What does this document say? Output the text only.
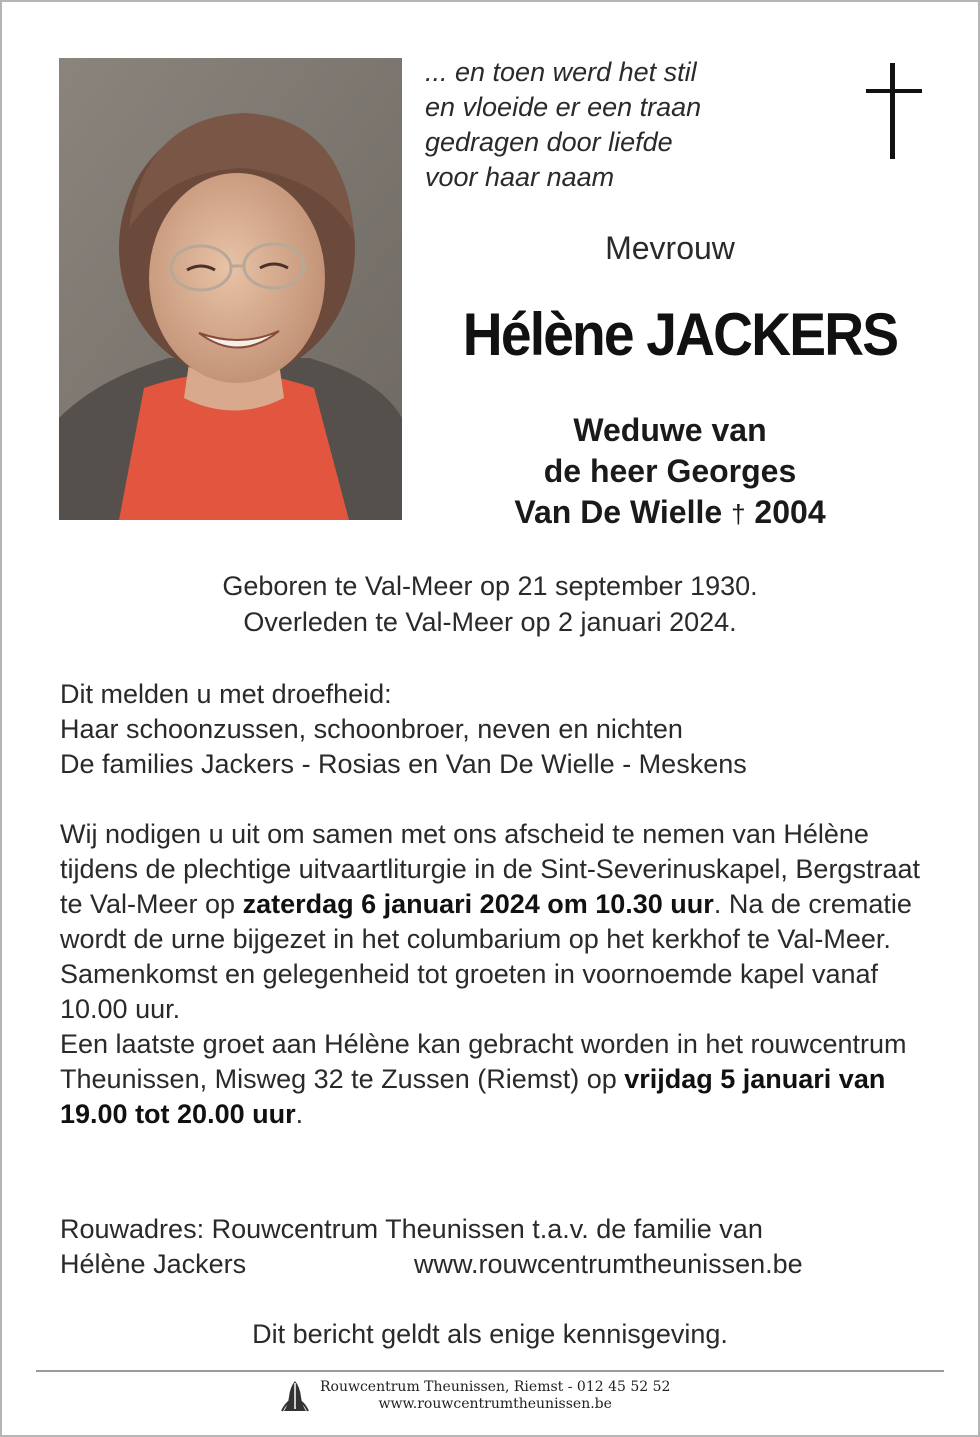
... en toen werd het stil
en vloeide er een traan
gedragen door liefde
voor haar naam
Mevrouw
Hélène JACKERS
Weduwe van
de heer Georges
Van De Wielle † 2004
Geboren te Val-Meer op 21 september 1930.
Overleden te Val-Meer op 2 januari 2024.

Dit melden u met droefheid:

Haar schoonzussen, schoonbroer, neven en nichten

De families Jackers - Rosias en Van De Wielle - Meskens

Wij nodigen u uit om samen met ons afscheid te nemen van Hélène tijdens de plechtige uitvaartliturgie in de Sint-Severinuskapel, Bergstraat te Val-Meer op zaterdag 6 januari 2024 om 10.30 uur. Na de crematie wordt de urne bijgezet in het columbarium op het kerkhof te Val-Meer. Samenkomst en gelegenheid tot groeten in voornoemde kapel vanaf 10.00 uur.

Een laatste groet aan Hélène kan gebracht worden in het rouwcentrum Theunissen, Misweg 32 te Zussen (Riemst) op vrijdag 5 januari van 19.00 tot 20.00 uur.

Rouwadres: Rouwcentrum Theunissen t.a.v. de familie van

Hélène Jackers	www.rouwcentrumtheunissen.be
Dit bericht geldt als enige kennisgeving.
Rouwcentrum Theunissen, Riemst - 012 45 52 52
www.rouwcentrumtheunissen.be
